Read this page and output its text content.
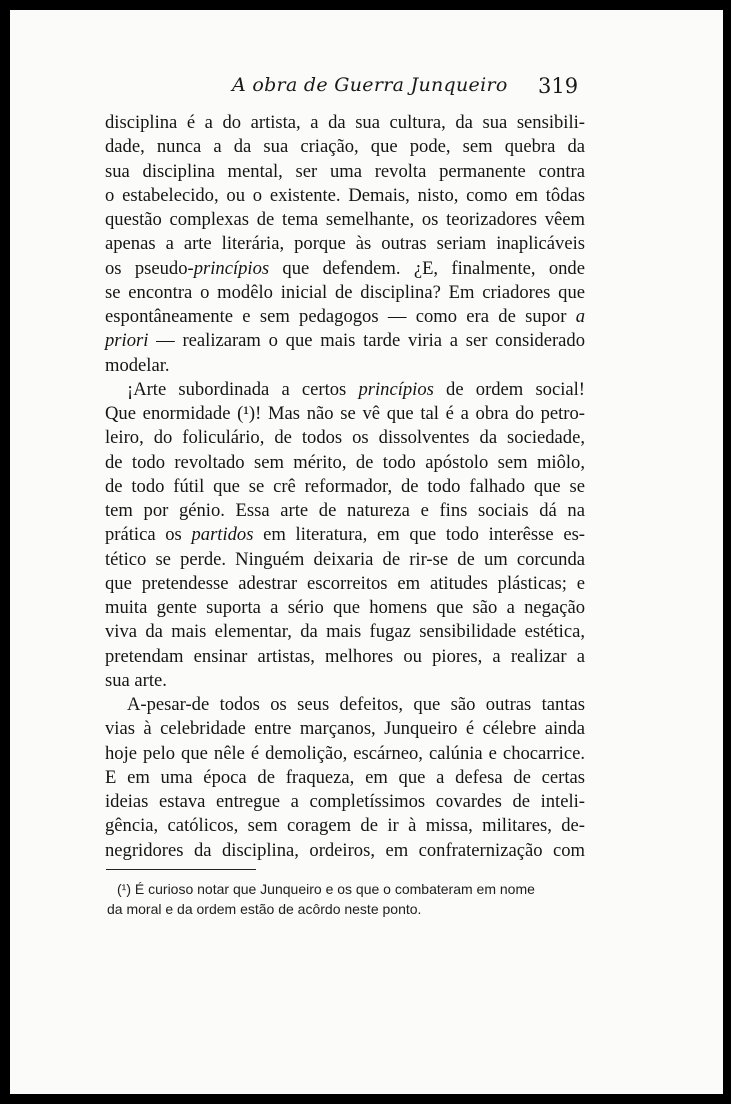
A obra de Guerra Junqueiro 319

disciplina é a do artista, a da sua cultura, da sua sensibili-
dade, nunca a da sua criação, que pode, sem quebra da
sua disciplina mental, ser uma revolta permanente contra
o estabelecido, ou o existente. Demais, nisto, como em tôdas
questão complexas de tema semelhante, os teorizadores vêem
apenas a arte literária, porque às outras seriam inaplicáveis
os pseudo-princípios que defendem. ¿E, finalmente, onde
se encontra o modêlo inicial de disciplina? Em criadores que
espontâneamente e sem pedagogos — como era de supor a
priori — realizaram o que mais tarde viria a ser considerado
modelar.

¡Arte subordinada a certos princípios de ordem social!
Que enormidade (¹)! Mas não se vê que tal é a obra do petro-
leiro, do foliculário, de todos os dissolventes da sociedade,
de todo revoltado sem mérito, de todo apóstolo sem miôlo,
de todo fútil que se crê reformador, de todo falhado que se
tem por génio. Essa arte de natureza e fins sociais dá na
prática os partidos em literatura, em que todo interêsse es-
tético se perde. Ninguém deixaria de rir-se de um corcunda
que pretendesse adestrar escorreitos em atitudes plásticas; e
muita gente suporta a sério que homens que são a negação
viva da mais elementar, da mais fugaz sensibilidade estética,
pretendam ensinar artistas, melhores ou piores, a realizar a
sua arte.

A-pesar-de todos os seus defeitos, que são outras tantas
vias à celebridade entre marçanos, Junqueiro é célebre ainda
hoje pelo que nêle é demolição, escárneo, calúnia e chocarrice.
E em uma época de fraqueza, em que a defesa de certas
ideias estava entregue a completíssimos covardes de inteli-
gência, católicos, sem coragem de ir à missa, militares, de-
negridores da disciplina, ordeiros, em confraternização com

(¹) É curioso notar que Junqueiro e os que o combateram em nome
da moral e da ordem estão de acôrdo neste ponto.
